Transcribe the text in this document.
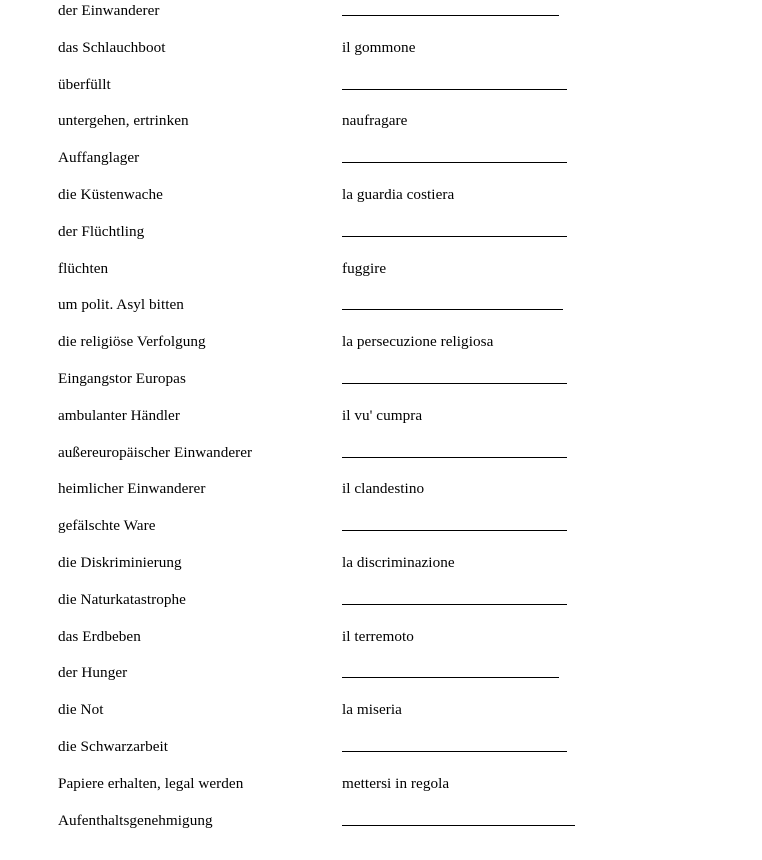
der Einwanderer
das Schlauchboot	il gommone
überfüllt
untergehen, ertrinken	naufragare
Auffanglager
die Küstenwache	la guardia costiera
der Flüchtling
flüchten	fuggire
um polit. Asyl bitten
die religiöse Verfolgung	la persecuzione religiosa
Eingangstor Europas
ambulanter Händler	il vu' cumpra
außereuropäischer Einwanderer
heimlicher Einwanderer	il clandestino
gefälschte Ware
die Diskriminierung	la discriminazione
die Naturkatastrophe
das Erdbeben	il terremoto
der Hunger
die Not	la miseria
die Schwarzarbeit
Papiere erhalten, legal werden	mettersi in regola
Aufenthaltsgenehmigung
